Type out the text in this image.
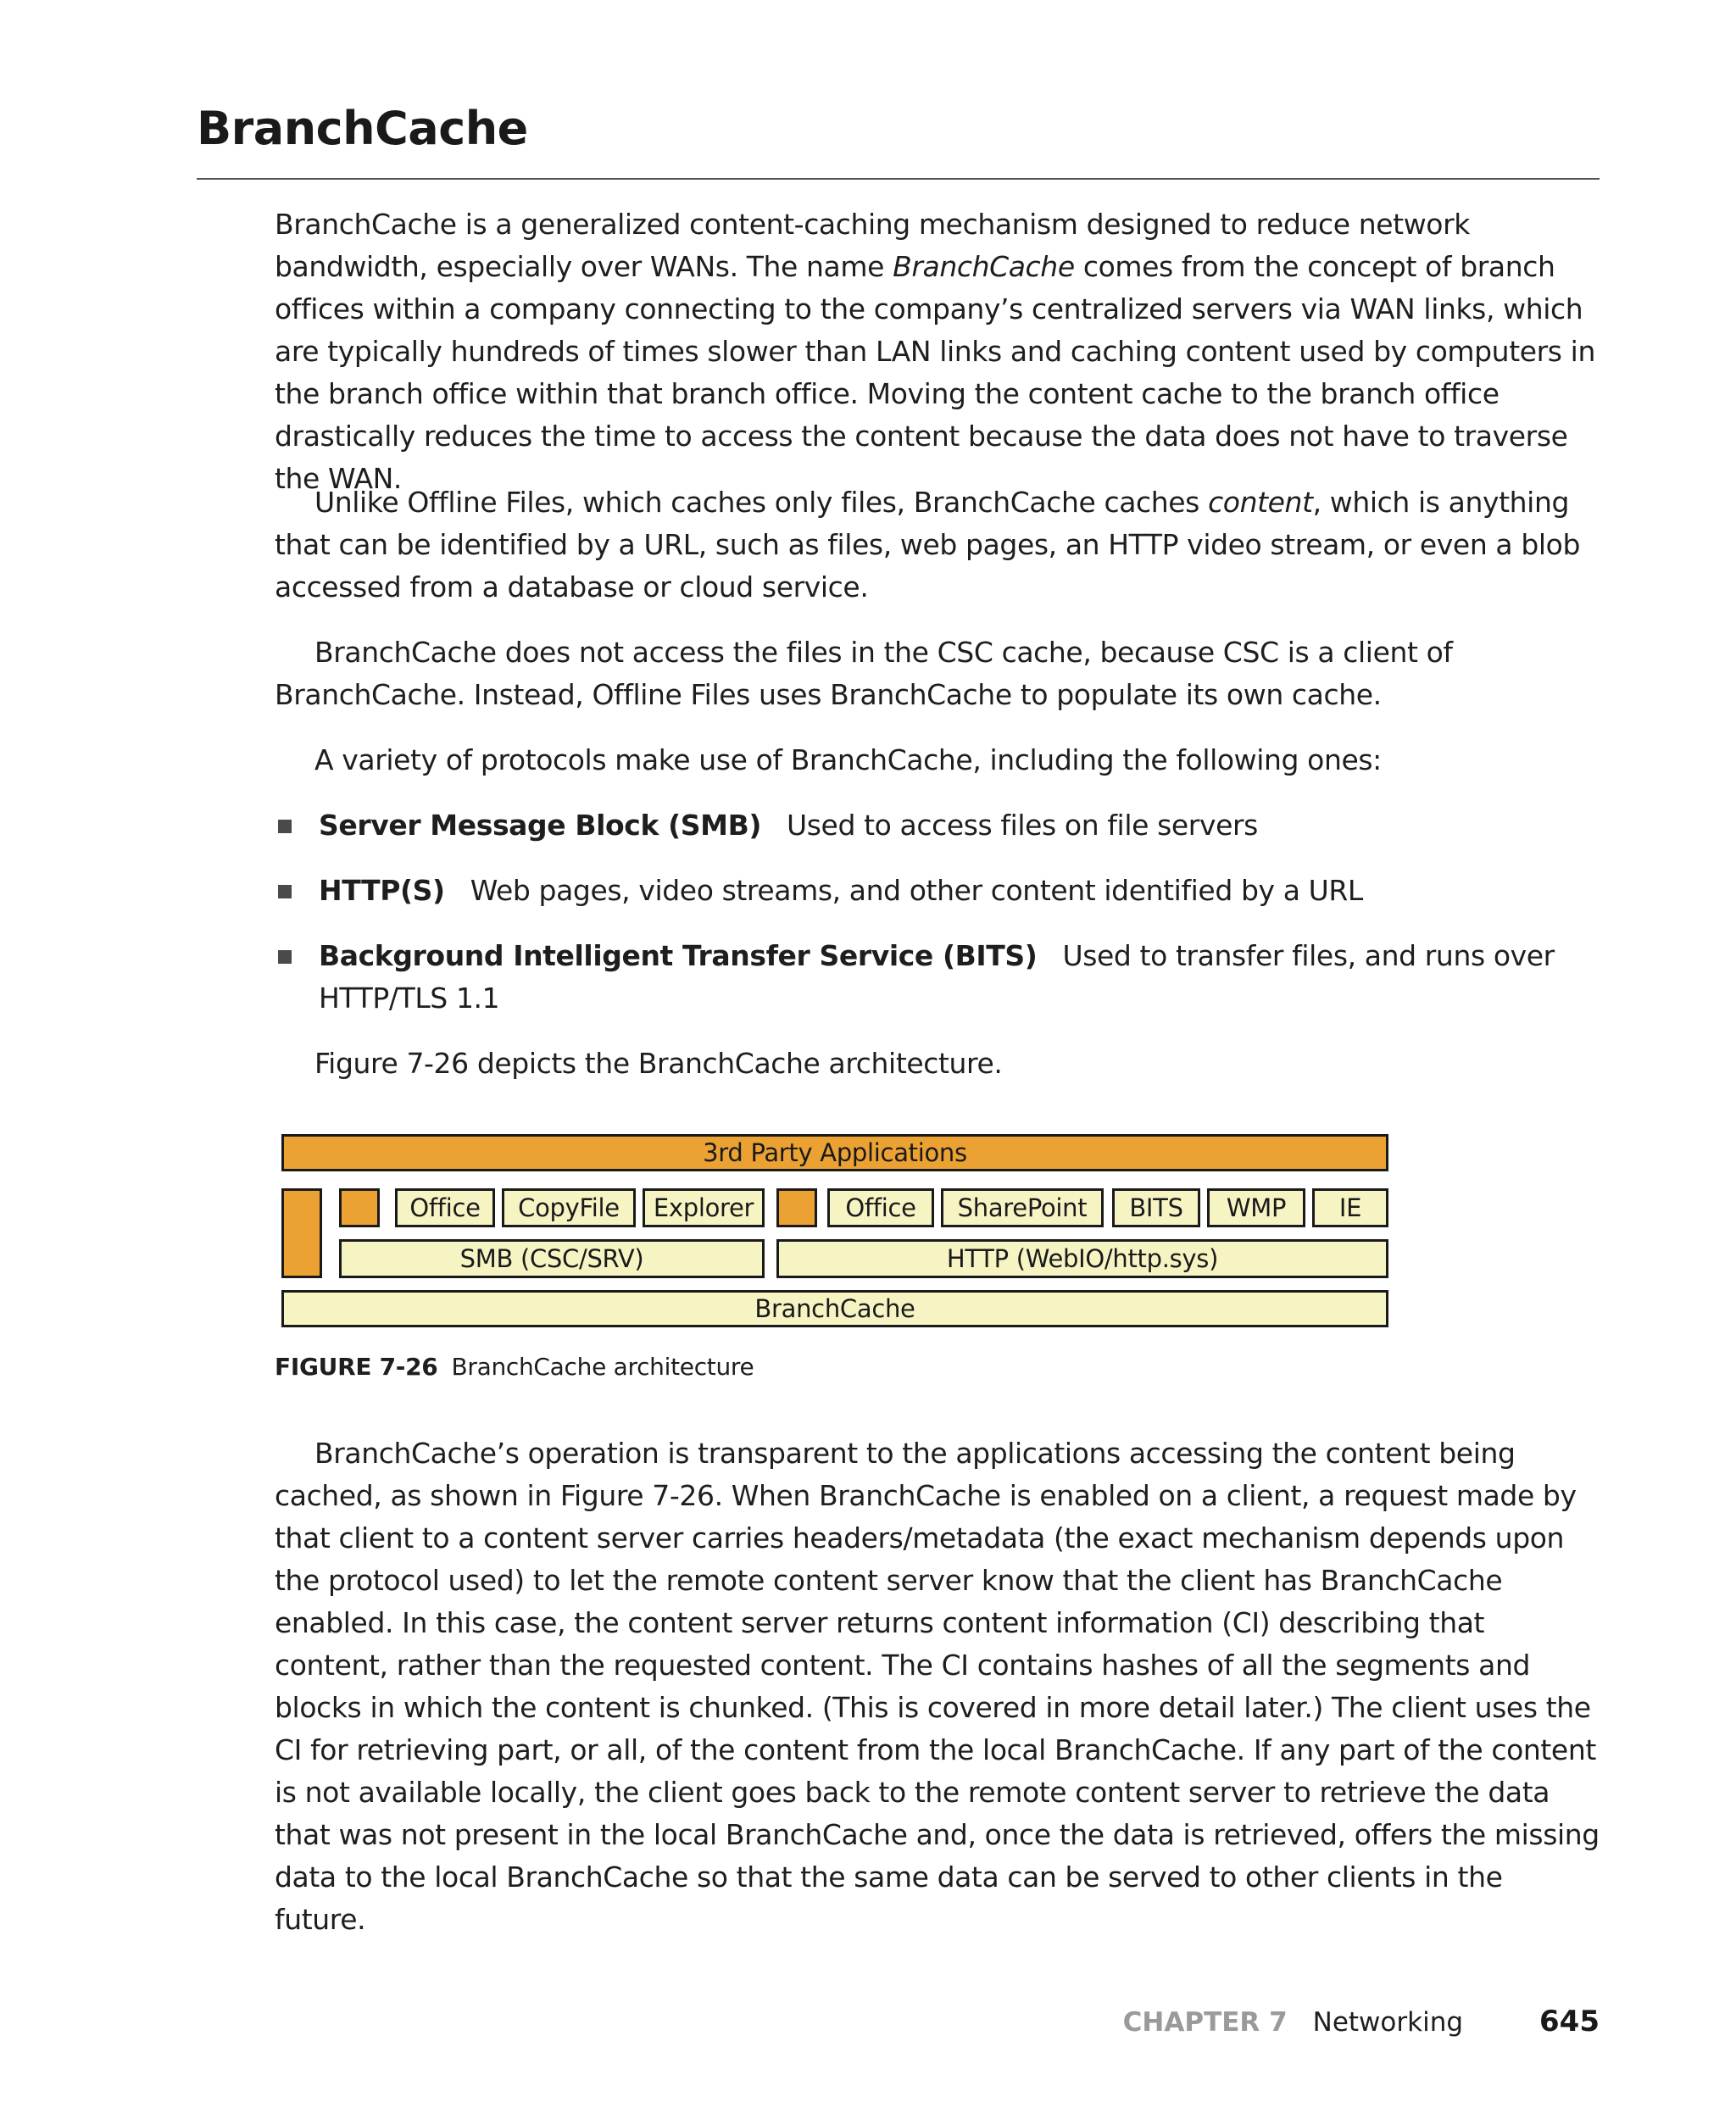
BranchCache

BranchCache is a generalized content-caching mechanism designed to reduce network bandwidth, especially over WANs. The name BranchCache comes from the concept of branch offices within a company connecting to the company’s centralized servers via WAN links, which are typically hundreds of times slower than LAN links and caching content used by computers in the branch office within that branch office. Moving the content cache to the branch office drastically reduces the time to access the content because the data does not have to traverse the WAN.

Unlike Offline Files, which caches only files, BranchCache caches content, which is anything that can be identified by a URL, such as files, web pages, an HTTP video stream, or even a blob accessed from a database or cloud service.

BranchCache does not access the files in the CSC cache, because CSC is a client of BranchCache. Instead, Offline Files uses BranchCache to populate its own cache.

A variety of protocols make use of BranchCache, including the following ones:

Server Message Block (SMB) Used to access files on file servers
HTTP(S) Web pages, video streams, and other content identified by a URL
Background Intelligent Transfer Service (BITS) Used to transfer files, and runs over HTTP/TLS 1.1

Figure 7-26 depicts the BranchCache architecture.

3rd Party Applications
Office	CopyFile	Explorer	Office	SharePoint	BITS	WMP	IE
SMB (CSC/SRV)	HTTP (WebIO/http.sys)
BranchCache
FIGURE 7-26 BranchCache architecture

BranchCache’s operation is transparent to the applications accessing the content being cached, as shown in Figure 7-26. When BranchCache is enabled on a client, a request made by that client to a content server carries headers/metadata (the exact mechanism depends upon the protocol used) to let the remote content server know that the client has BranchCache enabled. In this case, the content server returns content information (CI) describing that content, rather than the requested content. The CI contains hashes of all the segments and blocks in which the content is chunked. (This is covered in more detail later.) The client uses the CI for retrieving part, or all, of the content from the local BranchCache. If any part of the content is not available locally, the client goes back to the remote content server to retrieve the data that was not present in the local BranchCache and, once the data is retrieved, offers the missing data to the local BranchCache so that the same data can be served to other clients in the future.

CHAPTER 7 Networking	645
